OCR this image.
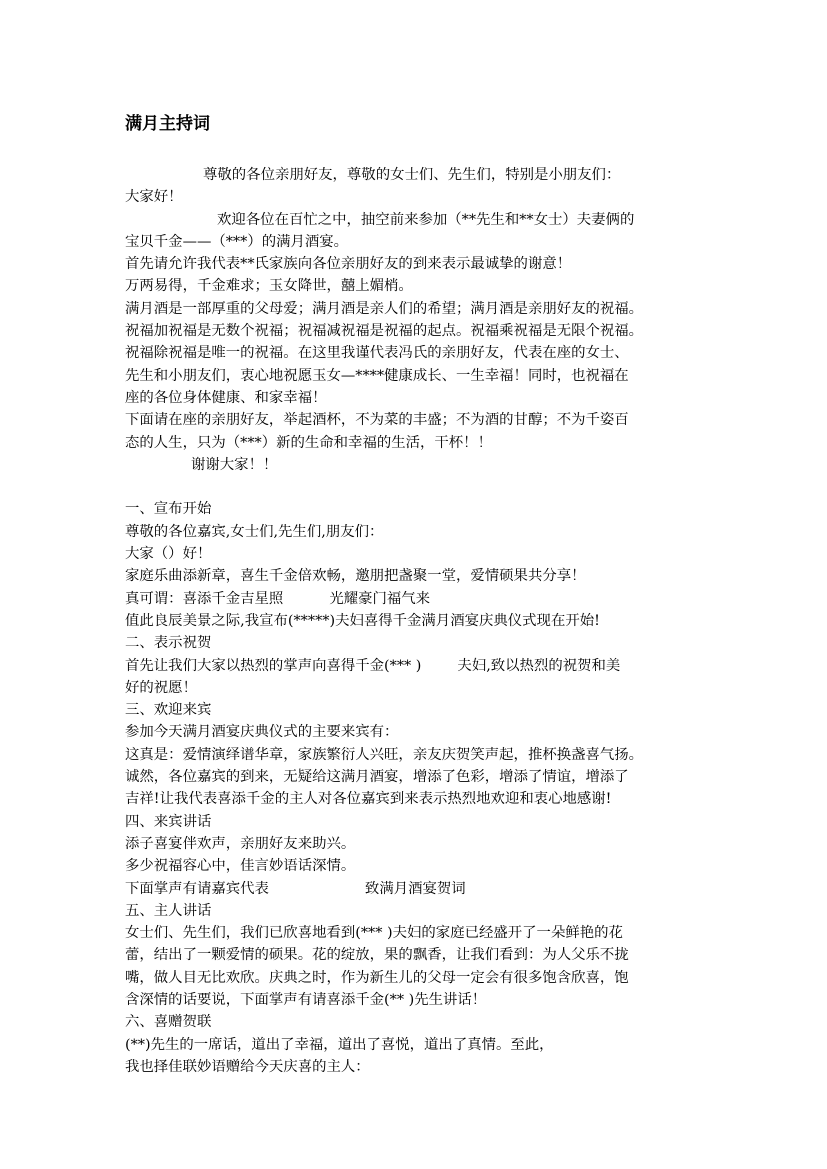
满月主持词
尊敬的各位亲朋好友，尊敬的女士们、先生们，特别是小朋友们：
大家好！
欢迎各位在百忙之中，抽空前来参加（**先生和**女士）夫妻俩的
宝贝千金——（***）的满月酒宴。
首先请允许我代表**氏家族向各位亲朋好友的到来表示最诚挚的谢意！
万两易得，千金难求；玉女降世，囍上媚梢。
满月酒是一部厚重的父母爱；满月酒是亲人们的希望；满月酒是亲朋好友的祝福。
祝福加祝福是无数个祝福；祝福减祝福是祝福的起点。祝福乘祝福是无限个祝福。
祝福除祝福是唯一的祝福。在这里我谨代表冯氏的亲朋好友，代表在座的女士、
先生和小朋友们，衷心地祝愿玉女—****健康成长、一生幸福！同时，也祝福在
座的各位身体健康、和家幸福！
下面请在座的亲朋好友，举起酒杯，不为菜的丰盛；不为酒的甘醇；不为千姿百
态的人生，只为（***）新的生命和幸福的生活，干杯！！
谢谢大家！！
一、宣布开始
尊敬的各位嘉宾,女士们,先生们,朋友们：
大家（）好！
家庭乐曲添新章，喜生千金倍欢畅，邀朋把盏聚一堂，爱情硕果共分享！
真可谓：喜添千金吉星照	光耀豪门福气来
值此良辰美景之际,我宣布(*****)夫妇喜得千金满月酒宴庆典仪式现在开始!
二、表示祝贺
首先让我们大家以热烈的掌声向喜得千金(*** )	夫妇,致以热烈的祝贺和美
好的祝愿！
三、欢迎来宾
参加今天满月酒宴庆典仪式的主要来宾有：
这真是：爱情演绎谱华章，家族繁衍人兴旺，亲友庆贺笑声起，推杯换盏喜气扬。
诚然，各位嘉宾的到来，无疑给这满月酒宴，增添了色彩，增添了情谊，增添了
吉祥!让我代表喜添千金的主人对各位嘉宾到来表示热烈地欢迎和衷心地感谢!
四、来宾讲话
添子喜宴伴欢声，亲朋好友来助兴。
多少祝福容心中，佳言妙语话深情。
下面掌声有请嘉宾代表	致满月酒宴贺词
五、主人讲话
女士们、先生们，我们已欣喜地看到(*** )夫妇的家庭已经盛开了一朵鲜艳的花
蕾，结出了一颗爱情的硕果。花的绽放，果的飘香，让我们看到：为人父乐不拢
嘴，做人目无比欢欣。庆典之时，作为新生儿的父母一定会有很多饱含欣喜，饱
含深情的话要说，下面掌声有请喜添千金(** )先生讲话！
六、喜赠贺联
(**)先生的一席话，道出了幸福，道出了喜悦，道出了真情。至此，
我也择佳联妙语赠给今天庆喜的主人：
